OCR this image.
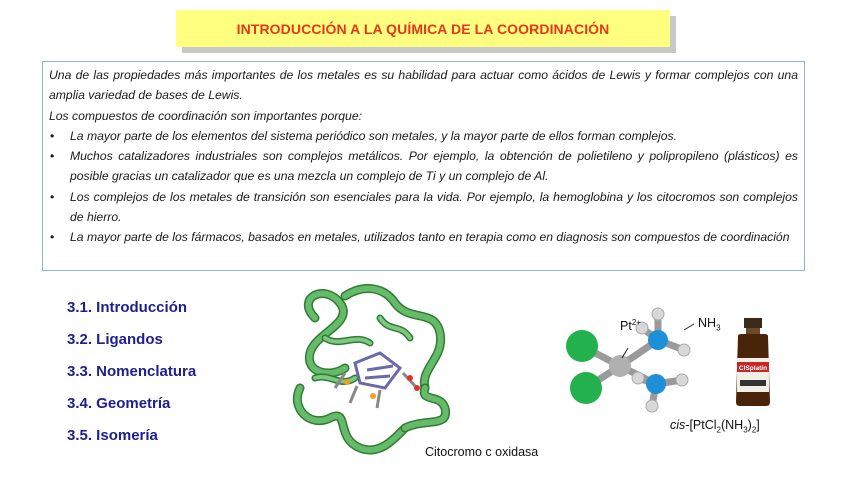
INTRODUCCIÓN A LA QUÍMICA DE LA COORDINACIÓN

Una de las propiedades más importantes de los metales es su habilidad para actuar como ácidos de Lewis y formar complejos con una amplia variedad de bases de Lewis.

Los compuestos de coordinación son importantes porque:

• La mayor parte de los elementos del sistema periódico son metales, y la mayor parte de ellos forman complejos.
• Muchos catalizadores industriales son complejos metálicos. Por ejemplo, la obtención de polietileno y polipropileno (plásticos) es posible gracias un catalizador que es una mezcla un complejo de Ti y un complejo de Al.
• Los complejos de los metales de transición son esenciales para la vida. Por ejemplo, la hemoglobina y los citocromos son complejos de hierro.
• La mayor parte de los fármacos, basados en metales, utilizados tanto en terapia como en diagnosis son compuestos de coordinación
3.1. Introducción
3.2. Ligandos
3.3. Nomenclatura
3.4. Geometría
3.5. Isomería
Citocromo c oxidasa
$Pt^{2+}$	$NH_3$
cis-$[PtCl_2(NH_3)_2]$
CISplatin
